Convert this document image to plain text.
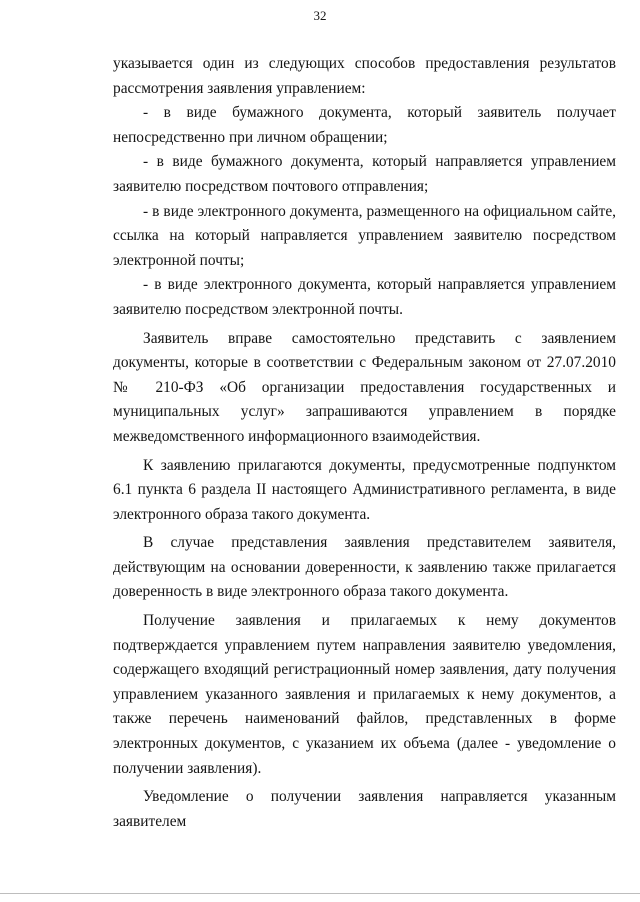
32

указывается один из следующих способов предоставления результатов рассмотрения заявления управлением:

- в виде бумажного документа, который заявитель получает непосредственно при личном обращении;

- в виде бумажного документа, который направляется управлением заявителю посредством почтового отправления;

- в виде электронного документа, размещенного на официальном сайте, ссылка на который направляется управлением заявителю посредством электронной почты;

- в виде электронного документа, который направляется управлением заявителю посредством электронной почты.

Заявитель вправе самостоятельно представить с заявлением документы, которые в соответствии с Федеральным законом от 27.07.2010 № 210-ФЗ «Об организации предоставления государственных и муниципальных услуг» запрашиваются управлением в порядке межведомственного информационного взаимодействия.

К заявлению прилагаются документы, предусмотренные подпунктом 6.1 пункта 6 раздела II настоящего Административного регламента, в виде электронного образа такого документа.

В случае представления заявления представителем заявителя, действующим на основании доверенности, к заявлению также прилагается доверенность в виде электронного образа такого документа.

Получение заявления и прилагаемых к нему документов подтверждается управлением путем направления заявителю уведомления, содержащего входящий регистрационный номер заявления, дату получения управлением указанного заявления и прилагаемых к нему документов, а также перечень наименований файлов, представленных в форме электронных документов, с указанием их объема (далее - уведомление о получении заявления).

Уведомление о получении заявления направляется указанным заявителем
